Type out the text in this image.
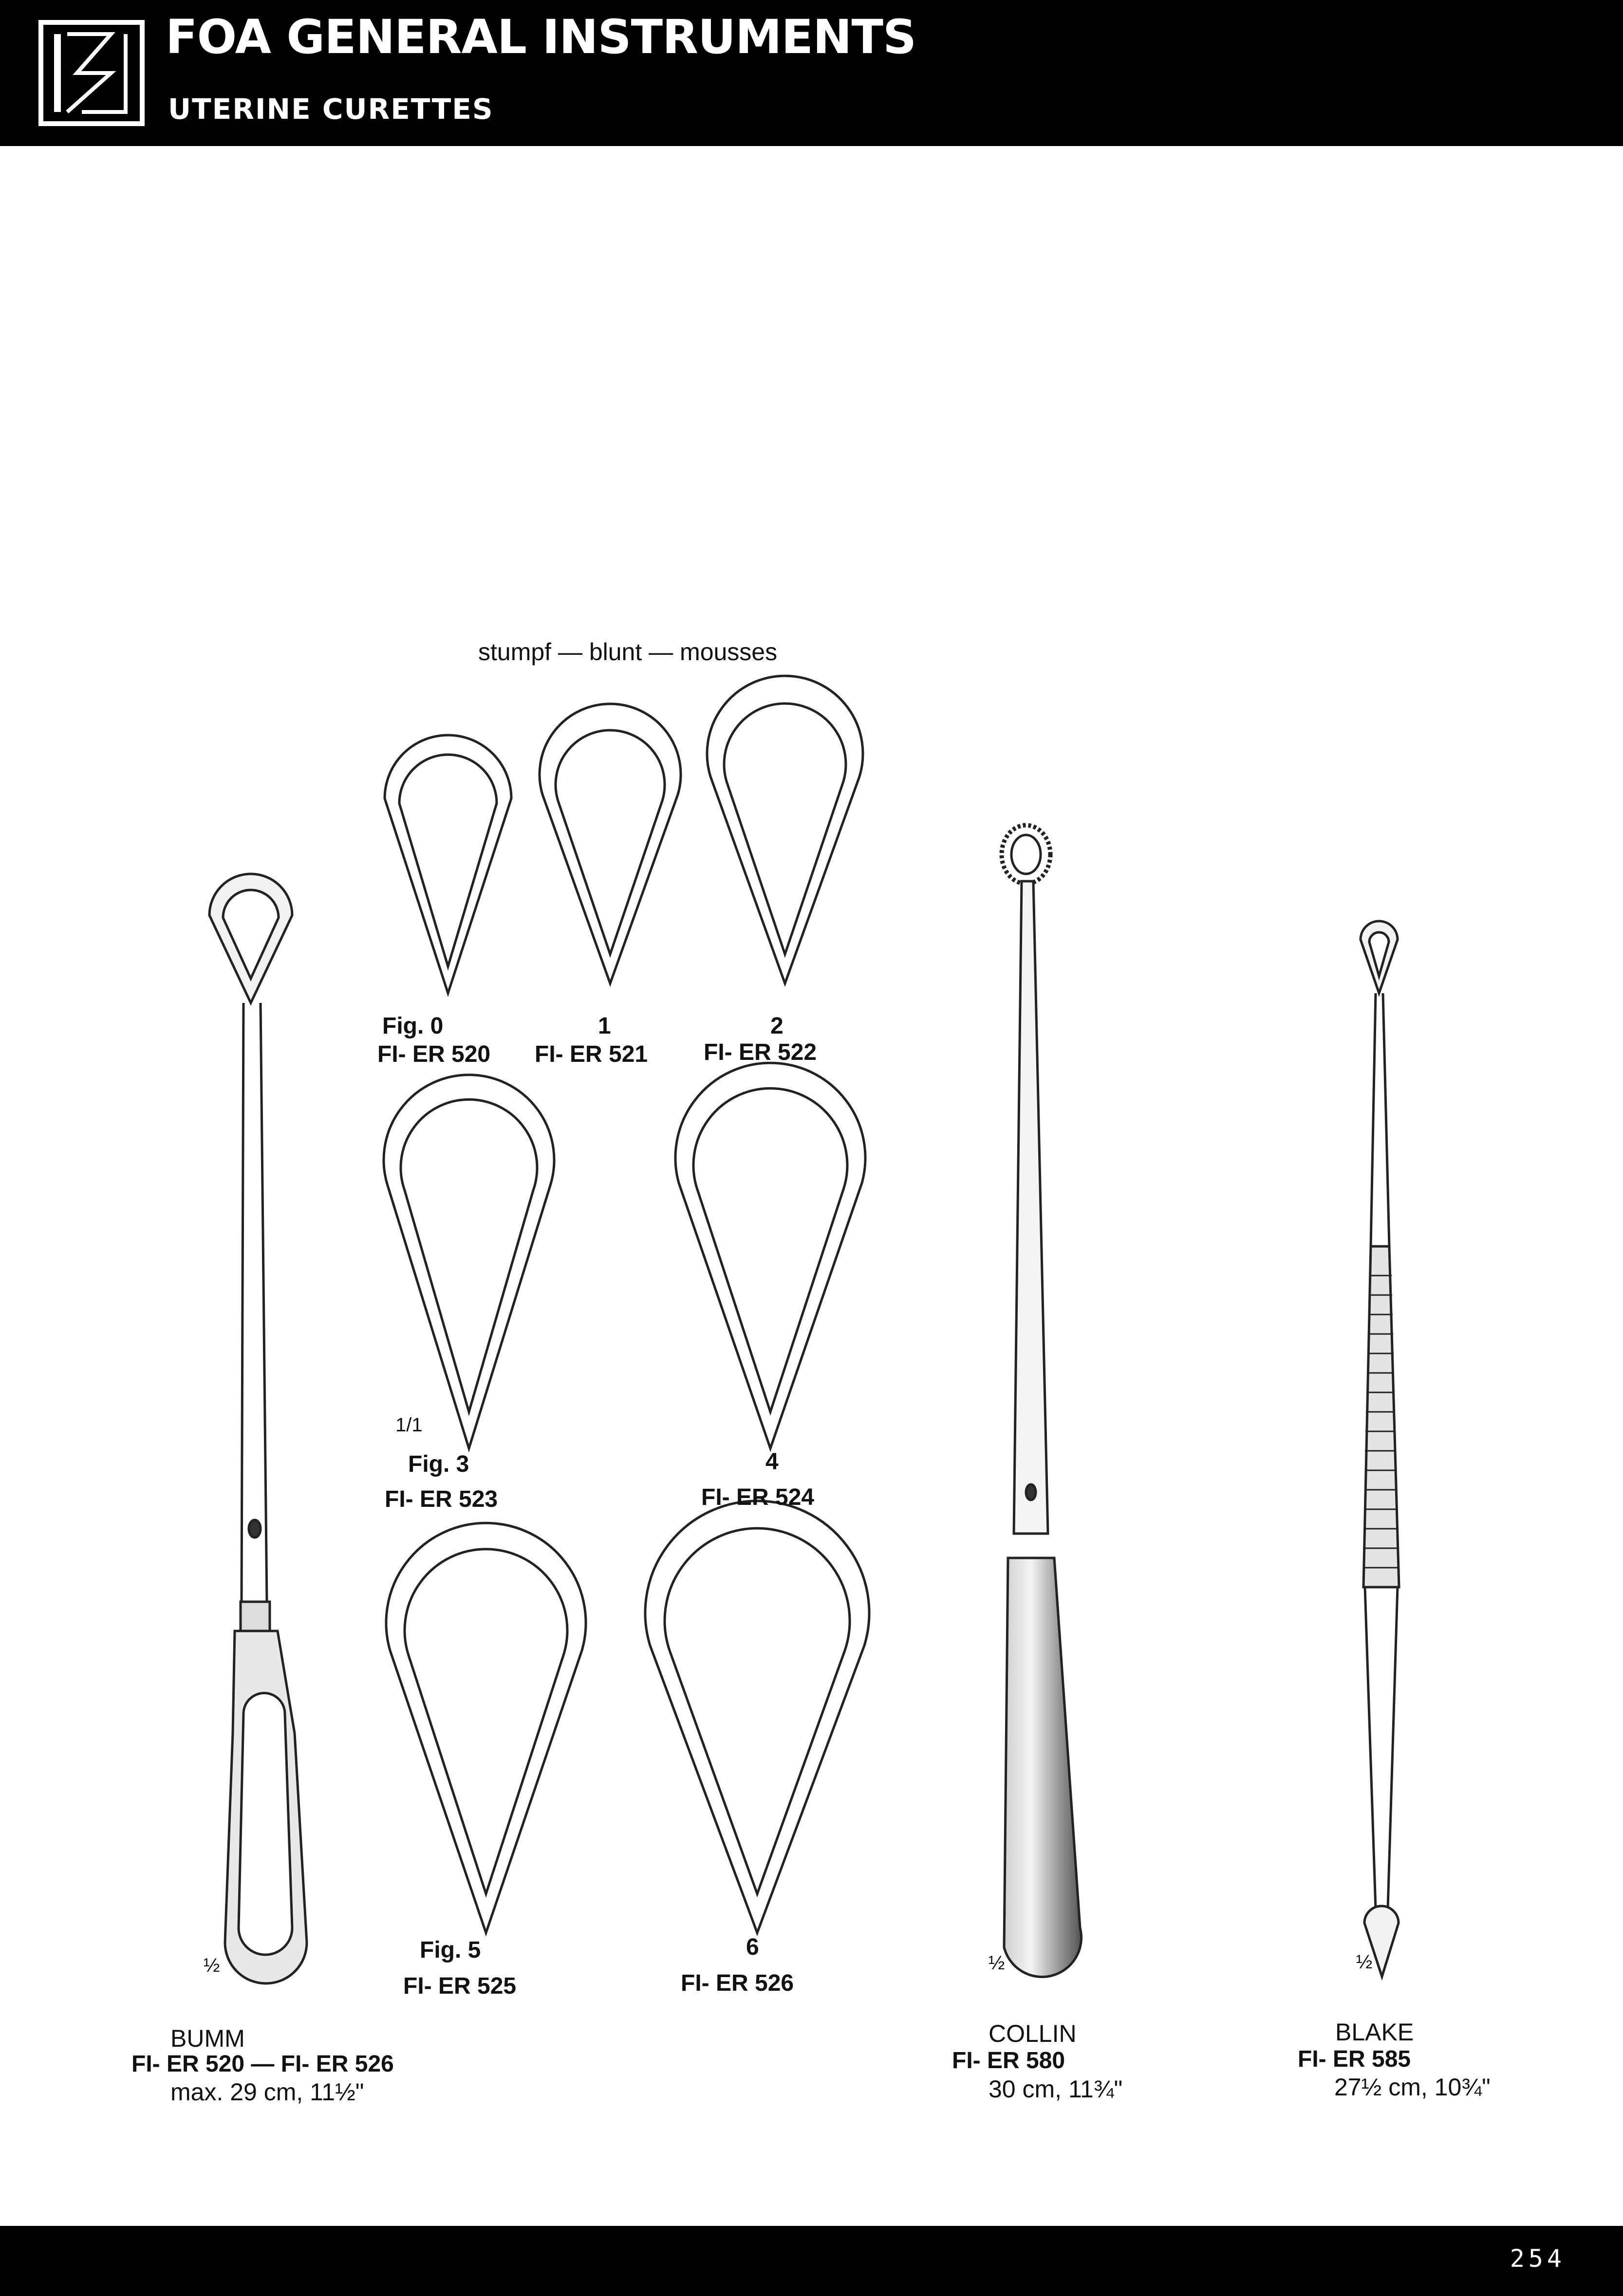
FOA GENERAL INSTRUMENTS
UTERINE CURETTES
stumpf — blunt — mousses
Fig. 0
FI- ER 520
1
FI- ER 521
2
FI- ER 522
1/1
Fig. 3
FI- ER 523
4
FI- ER 524
Fig. 5
FI- ER 525
6
FI- ER 526
½	½	½
BUMM
FI- ER 520 — FI- ER 526
max. 29 cm, 11½"
COLLIN
FI- ER 580
30 cm, 11¾"
BLAKE
FI- ER 585
27½ cm, 10¾"
254
